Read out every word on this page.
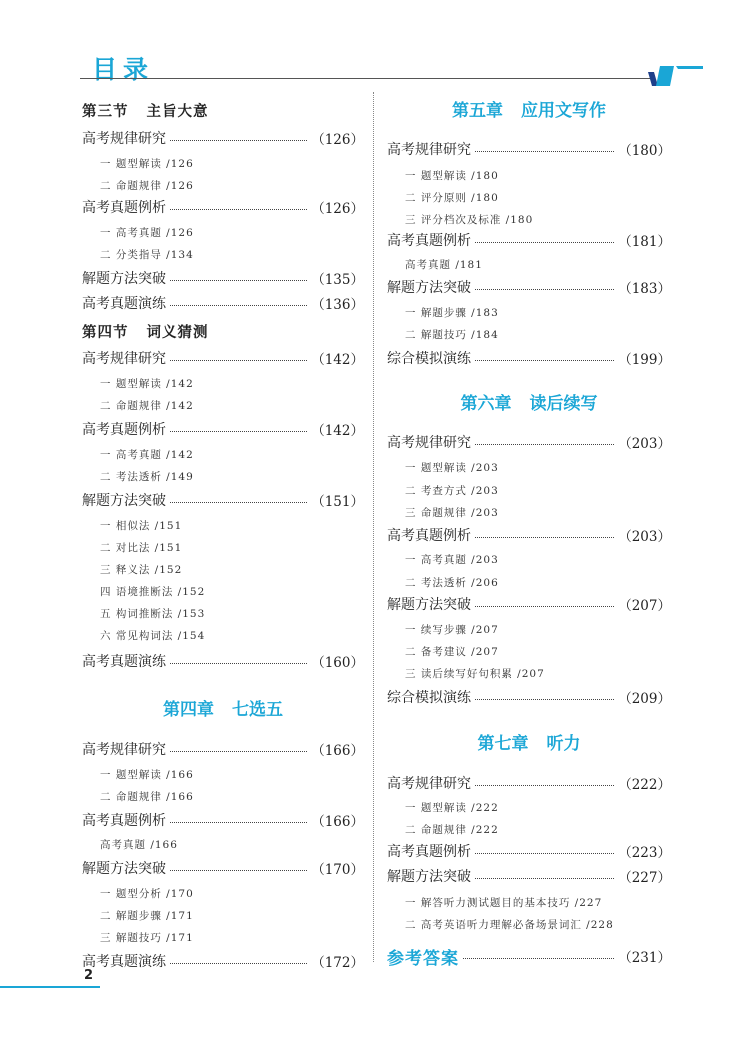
目录
第三节 主旨大意
高考规律研究	（126）
一 题型解读 /126
二 命题规律 /126
高考真题例析	（126）
一 高考真题 /126
二 分类指导 /134
解题方法突破	（135）
高考真题演练	（136）
第四节 词义猜测
高考规律研究	（142）
一 题型解读 /142
二 命题规律 /142
高考真题例析	（142）
一 高考真题 /142
二 考法透析 /149
解题方法突破	（151）
一 相似法 /151
二 对比法 /151
三 释义法 /152
四 语境推断法 /152
五 构词推断法 /153
六 常见构词法 /154
高考真题演练	（160）
第四章 七选五
高考规律研究	（166）
一 题型解读 /166
二 命题规律 /166
高考真题例析	（166）
高考真题 /166
解题方法突破	（170）
一 题型分析 /170
二 解题步骤 /171
三 解题技巧 /171
高考真题演练	（172）
第五章 应用文写作
高考规律研究	（180）
一 题型解读 /180
二 评分原则 /180
三 评分档次及标准 /180
高考真题例析	（181）
高考真题 /181
解题方法突破	（183）
一 解题步骤 /183
二 解题技巧 /184
综合模拟演练	（199）
第六章 读后续写
高考规律研究	（203）
一 题型解读 /203
二 考查方式 /203
三 命题规律 /203
高考真题例析	（203）
一 高考真题 /203
二 考法透析 /206
解题方法突破	（207）
一 续写步骤 /207
二 备考建议 /207
三 读后续写好句积累 /207
综合模拟演练	（209）
第七章 听力
高考规律研究	（222）
一 题型解读 /222
二 命题规律 /222
高考真题例析	（223）
解题方法突破	（227）
一 解答听力测试题目的基本技巧 /227
二 高考英语听力理解必备场景词汇 /228
参考答案	（231）
2
